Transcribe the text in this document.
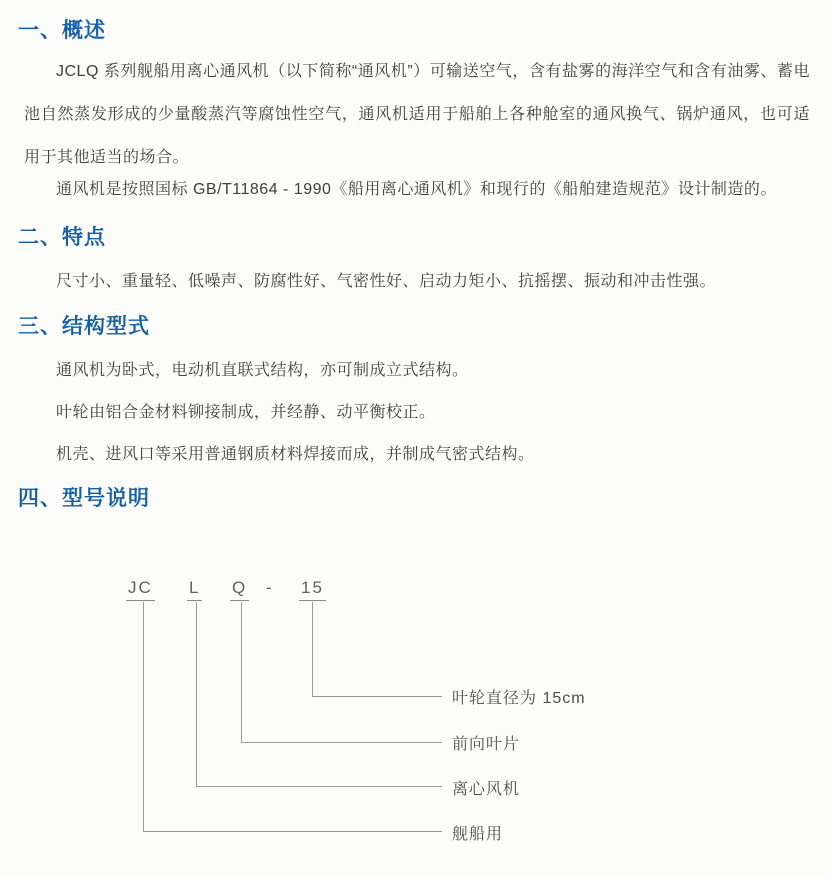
一、概述
JCLQ 系列舰船用离心通风机（以下简称“通风机”）可输送空气，含有盐雾的海洋空气和含有油雾、蓄电池自然蒸发形成的少量酸蒸汽等腐蚀性空气，通风机适用于船舶上各种舱室的通风换气、锅炉通风，也可适用于其他适当的场合。
通风机是按照国标 GB/T11864 - 1990《船用离心通风机》和现行的《船舶建造规范》设计制造的。
二、特点
尺寸小、重量轻、低噪声、防腐性好、气密性好、启动力矩小、抗摇摆、振动和冲击性强。
三、结构型式
通风机为卧式，电动机直联式结构，亦可制成立式结构。
叶轮由铝合金材料铆接制成，并经静、动平衡校正。
机壳、进风口等采用普通钢质材料焊接而成，并制成气密式结构。
四、型号说明
JC L Q - 15
叶轮直径为 15cm
前向叶片
离心风机
舰船用
